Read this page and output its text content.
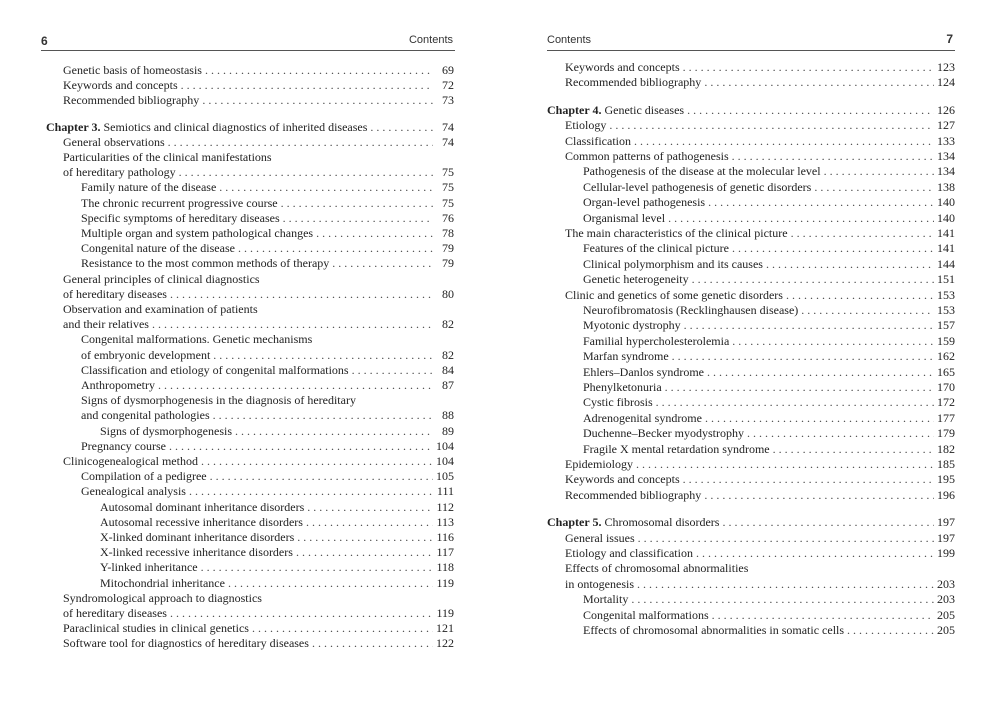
6	Contents
Genetic basis of homeostasis . . .	69
Keywords and concepts . . .	72
Recommended bibliography . . .	73
Chapter 3. Semiotics and clinical diagnostics of inherited diseases . . .	74
General observations . . .	74
Particularities of the clinical manifestations
of hereditary pathology . . .	75
Family nature of the disease . . .	75
The chronic recurrent progressive course . . .	75
Specific symptoms of hereditary diseases . . .	76
Multiple organ and system pathological changes . . .	78
Congenital nature of the disease . . .	79
Resistance to the most common methods of therapy . . .	79
General principles of clinical diagnostics
of hereditary diseases . . .	80
Observation and examination of patients
and their relatives . . .	82
Congenital malformations. Genetic mechanisms
of embryonic development . . .	82
Classification and etiology of congenital malformations . . .	84
Anthropometry . . .	87
Signs of dysmorphogenesis in the diagnosis of hereditary
and congenital pathologies . . .	88
Signs of dysmorphogenesis . . .	89
Pregnancy course . . .	104
Clinicogenealogical method . . .	104
Compilation of a pedigree . . .	105
Genealogical analysis . . .	111
Autosomal dominant inheritance disorders . . .	112
Autosomal recessive inheritance disorders . . .	113
X-linked dominant inheritance disorders . . .	116
X-linked recessive inheritance disorders . . .	117
Y-linked inheritance . . .	118
Mitochondrial inheritance . . .	119
Syndromological approach to diagnostics
of hereditary diseases . . .	119
Paraclinical studies in clinical genetics . . .	121
Software tool for diagnostics of hereditary diseases . . .	122
Contents	7
Keywords and concepts . . .	123
Recommended bibliography . . .	124
Chapter 4. Genetic diseases . . .	126
Etiology . . .	127
Classification . . .	133
Common patterns of pathogenesis . . .	134
Pathogenesis of the disease at the molecular level . . .	134
Cellular-level pathogenesis of genetic disorders . . .	138
Organ-level pathogenesis . . .	140
Organismal level . . .	140
The main characteristics of the clinical picture . . .	141
Features of the clinical picture . . .	141
Clinical polymorphism and its causes . . .	144
Genetic heterogeneity . . .	151
Clinic and genetics of some genetic disorders . . .	153
Neurofibromatosis (Recklinghausen disease) . . .	153
Myotonic dystrophy . . .	157
Familial hypercholesterolemia . . .	159
Marfan syndrome . . .	162
Ehlers–Danlos syndrome . . .	165
Phenylketonuria . . .	170
Cystic fibrosis . . .	172
Adrenogenital syndrome . . .	177
Duchenne–Becker myodystrophy . . .	179
Fragile X mental retardation syndrome . . .	182
Epidemiology . . .	185
Keywords and concepts . . .	195
Recommended bibliography . . .	196
Chapter 5. Chromosomal disorders . . .	197
General issues . . .	197
Etiology and classification . . .	199
Effects of chromosomal abnormalities
in ontogenesis . . .	203
Mortality . . .	203
Congenital malformations . . .	205
Effects of chromosomal abnormalities in somatic cells . . .	205
